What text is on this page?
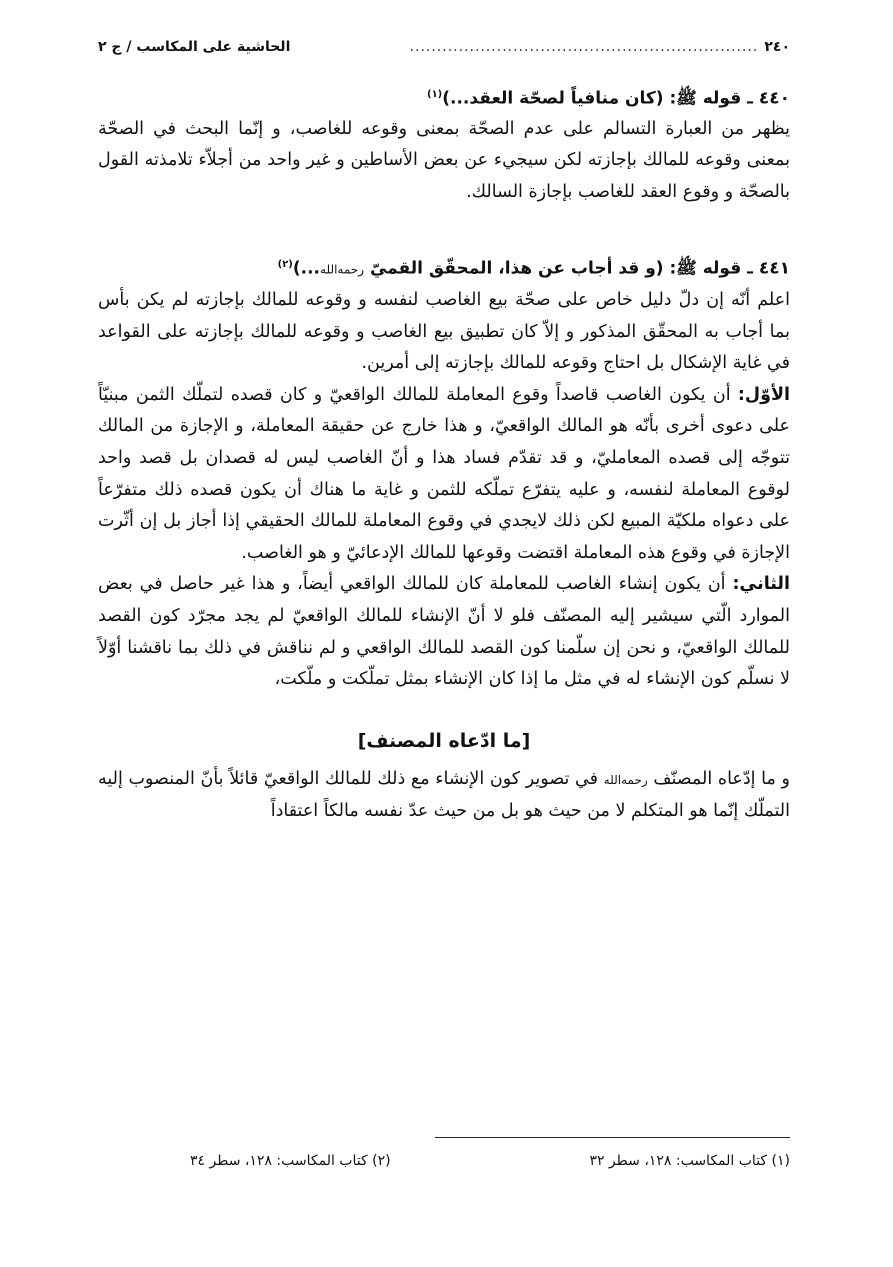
٢٤٠
................................................................
الحاشية على المكاسب / ج ٢
٤٤٠ ـ قوله ﷺ: (كان منافياً لصحّة العقد...)$^{(١)}$

يظهر من العبارة التسالم على عدم الصحّة بمعنى وقوعه للغاصب، و إنّما البحث في الصحّة بمعنى وقوعه للمالك بإجازته لكن سيجيء عن بعض الأساطين و غير واحد من أجلاّء تلامذته القول بالصحّة و وقوع العقد للغاصب بإجازة السالك.

٤٤١ ـ قوله ﷺ: (و قد أجاب عن هذا، المحقّق القميّ رحمه‌الله...)$^{(٢)}$

اعلم أنّه إن دلّ دليل خاص على صحّة بيع الغاصب لنفسه و وقوعه للمالك بإجازته لم يكن بأس بما أجاب به المحقّق المذكور و إلاّ كان تطبيق بيع الغاصب و وقوعه للمالك بإجازته على القواعد في غاية الإشكال بل احتاج وقوعه للمالك بإجازته إلى أمرين.

الأوّل: أن يكون الغاصب قاصداً وقوع المعاملة للمالك الواقعيّ و كان قصده لتملّك الثمن مبنيّاً على دعوى أخرى بأنّه هو المالك الواقعيّ، و هذا خارج عن حقيقة المعاملة، و الإجازة من المالك تتوجّه إلى قصده المعامليّ، و قد تقدّم فساد هذا و أنّ الغاصب ليس له قصدان بل قصد واحد لوقوع المعاملة لنفسه، و عليه يتفرّع تملّكه للثمن و غاية ما هناك أن يكون قصده ذلك متفرّعاً على دعواه ملكيّة المبيع لكن ذلك لايجدي في وقوع المعاملة للمالك الحقيقي إذا أجاز بل إن أثّرت الإجازة في وقوع هذه المعاملة اقتضت وقوعها للمالك الإدعائيّ و هو الغاصب.

الثاني: أن يكون إنشاء الغاصب للمعاملة كان للمالك الواقعي أيضاً، و هذا غير حاصل في بعض الموارد الّتي سيشير إليه المصنّف فلو لا أنّ الإنشاء للمالك الواقعيّ لم يجد مجرّد كون القصد للمالك الواقعيّ، و نحن إن سلّمنا كون القصد للمالك الواقعي و لم نناقش في ذلك بما ناقشنا أوّلاً لا نسلّم كون الإنشاء له في مثل ما إذا كان الإنشاء بمثل تملّكت و ملّكت،

[ما ادّعاه المصنف]

و ما إدّعاه المصنّف رحمه‌الله في تصوير كون الإنشاء مع ذلك للمالك الواقعيّ قائلاً بأنّ المنصوب إليه التملّك إنّما هو المتكلم لا من حيث هو بل من حيث عدّ نفسه مالكاً اعتقاداً

(١) كتاب المكاسب: ١٢٨، سطر ٣٢
(٢) كتاب المكاسب: ١٢٨، سطر ٣٤
